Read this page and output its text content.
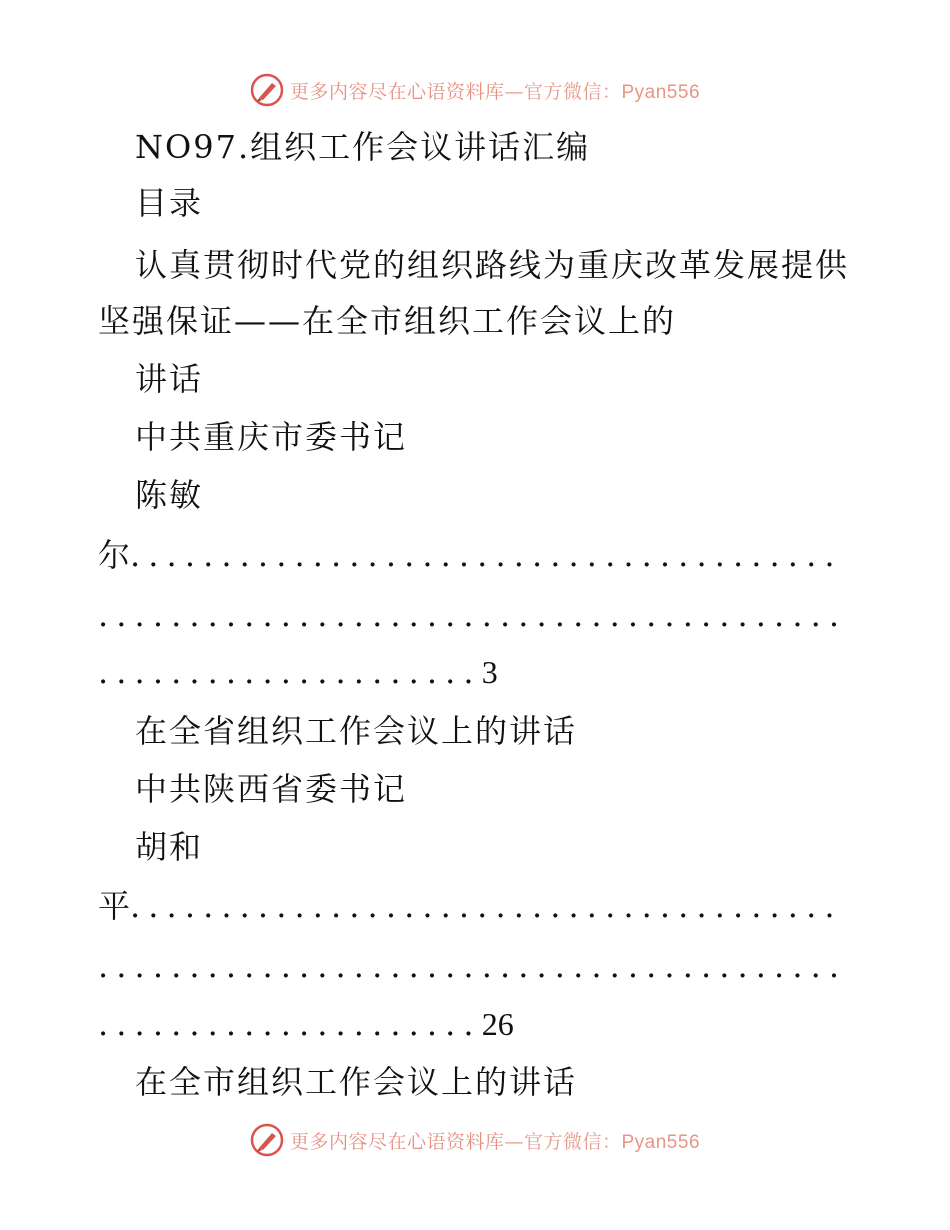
更多内容尽在心语资料库—官方微信：Pyan556
NO97.组织工作会议讲话汇编
目录
认真贯彻时代党的组织路线为重庆改革发展提供
坚强保证——在全市组织工作会议上的
讲话
中共重庆市委书记
陈敏
尔.......................................
.........................................
.....................3
在全省组织工作会议上的讲话
中共陕西省委书记
胡和
平.......................................
.........................................
.....................26
在全市组织工作会议上的讲话
更多内容尽在心语资料库—官方微信：Pyan556
